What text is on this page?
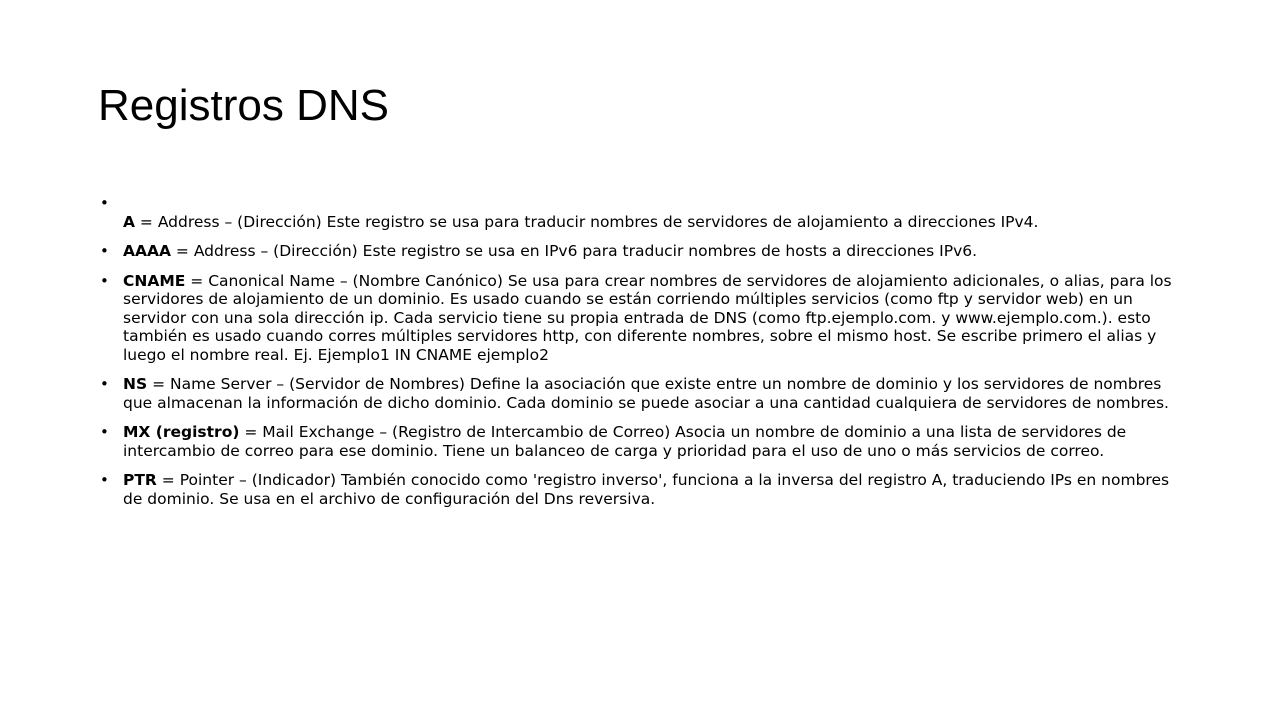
Registros DNS
•
A = Address – (Dirección) Este registro se usa para traducir nombres de servidores de alojamiento a direcciones IPv4.
• AAAA = Address – (Dirección) Este registro se usa en IPv6 para traducir nombres de hosts a direcciones IPv6.
• CNAME = Canonical Name – (Nombre Canónico) Se usa para crear nombres de servidores de alojamiento adicionales, o alias, para los servidores de alojamiento de un dominio. Es usado cuando se están corriendo múltiples servicios (como ftp y servidor web) en un servidor con una sola dirección ip. Cada servicio tiene su propia entrada de DNS (como ftp.ejemplo.com. y www.ejemplo.com.). esto también es usado cuando corres múltiples servidores http, con diferente nombres, sobre el mismo host. Se escribe primero el alias y luego el nombre real. Ej. Ejemplo1 IN CNAME ejemplo2
• NS = Name Server – (Servidor de Nombres) Define la asociación que existe entre un nombre de dominio y los servidores de nombres que almacenan la información de dicho dominio. Cada dominio se puede asociar a una cantidad cualquiera de servidores de nombres.
• MX (registro) = Mail Exchange – (Registro de Intercambio de Correo) Asocia un nombre de dominio a una lista de servidores de intercambio de correo para ese dominio. Tiene un balanceo de carga y prioridad para el uso de uno o más servicios de correo.
• PTR = Pointer – (Indicador) También conocido como 'registro inverso', funciona a la inversa del registro A, traduciendo IPs en nombres de dominio. Se usa en el archivo de configuración del Dns reversiva.
